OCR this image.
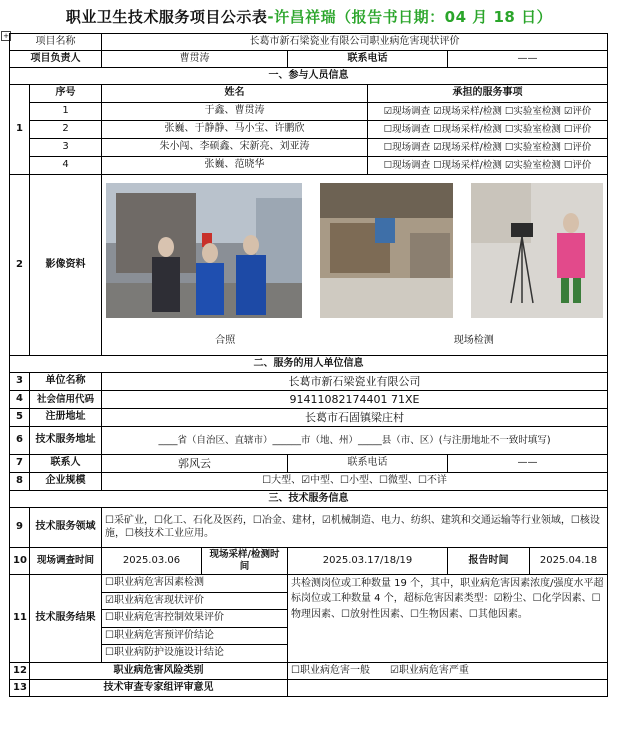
职业卫生技术服务项目公示表-许昌祥瑞（报告书日期：04 月 18 日）
+	项目名称		长葛市新石梁瓷业有限公司职业病危害现状评价					
项目负责人		曹贯涛		联系电话		——	
一、参与人员信息							
1	序号	姓名			承担的服务事项		
	1	于鑫、曹贯涛			☑现场调查 ☑现场采样/检测 ☐实验室检测 ☑评价		
	2	张巍、于静静、马小宝、许鹏欣			☐现场调查 ☐现场采样/检测 ☐实验室检测 ☐评价		
	3	朱小闯、李硕鑫、宋新亮、刘亚涛			☐现场调查 ☑现场采样/检测 ☐实验室检测 ☐评价		
	4	张巍、范晓华			☐现场调查 ☐现场采样/检测 ☑实验室检测 ☐评价		
2	影像资料	合照 现场检测					

二、服务的用人单位信息							
3	单位名称	长葛市新石梁瓷业有限公司					
4	社会信用代码	91411082174401 71XE					
5	注册地址	长葛市石固镇梁庄村					
6	技术服务地址	____省（自治区、直辖市）______市（地、州）_____县（市、区）(与注册地址不一致时填写)					
7	联系人	郭风云		联系电话		——	
8	企业规模	☐大型、☑中型、☐小型、☐微型、☐不详					
三、技术服务信息							
9	技术服务领域	☐采矿业，☐化工、石化及医药，☐冶金、建材，☑机械制造、电力、纺织、建筑和交通运输等行业领域，☐核设施，☐核技术工业应用。					
10	现场调查时间	2025.03.06	现场采样/检测时间	2025.03.17/18/19		报告时间	2025.04.18
11	技术服务结果	☐职业病危害因素检测
☑职业病危害现状评价
☐职业病危害控制效果评价
☐职业病危害预评价结论
☐职业病防护设施设计结论		共检测岗位或工种数量 19 个，其中，职业病危害因素浓度/强度水平超标岗位或工种数量 4 个，超标危害因素类型：☑粉尘、☐化学因素、☐物理因素、☐放射性因素、☐生物因素、☐其他因素。			
12	职业病危害风险类别			☐职业病危害一般　　☑职业病危害严重			
13	技术审查专家组评审意见						
